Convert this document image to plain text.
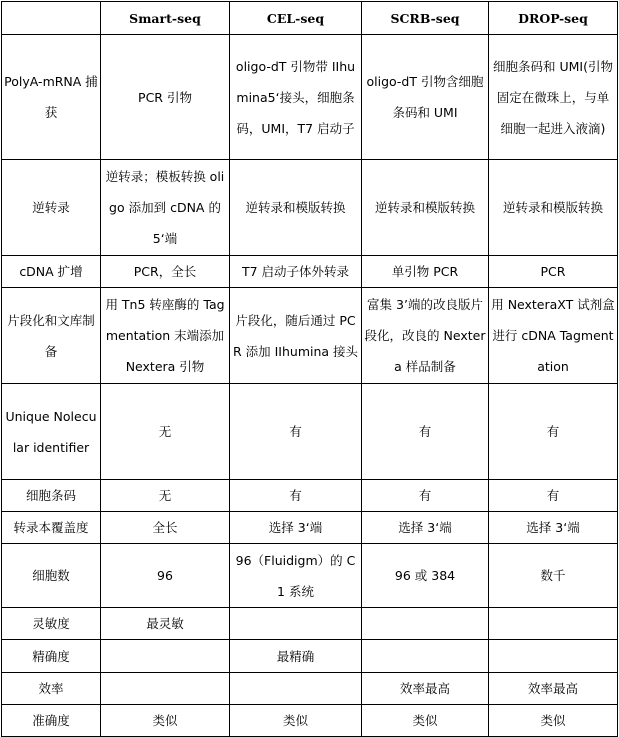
	Smart-seq	CEL-seq	SCRB-seq	DROP-seq
PolyA-mRNA 捕获	PCR 引物	oligo-dT 引物带 IIhumina5‘接头，细胞条码，UMI，T7 启动子	oligo-dT 引物含细胞条码和 UMI	细胞条码和 UMI(引物固定在微珠上，与单细胞一起进入液滴)
逆转录	逆转录；模板转换 oligo 添加到 cDNA 的 5‘端	逆转录和模版转换	逆转录和模版转换	逆转录和模版转换
cDNA 扩增	PCR，全长	T7 启动子体外转录	单引物 PCR	PCR
片段化和文库制备	用 Tn5 转座酶的 Tagmentation 末端添加 Nextera 引物	片段化，随后通过 PCR 添加 IIhumina 接头	富集 3’端的改良版片段化，改良的 Nextera 样品制备	用 NexteraXT 试剂盒进行 cDNA Tagmentation
Unique Nolecular identifier	无	有	有	有
细胞条码	无	有	有	有
转录本覆盖度	全长	选择 3‘端	选择 3‘端	选择 3‘端
细胞数	96	96（Fluidigm）的 C1 系统	96 或 384	数千
灵敏度	最灵敏			
精确度		最精确		
效率			效率最高	效率最高
准确度	类似	类似	类似	类似
